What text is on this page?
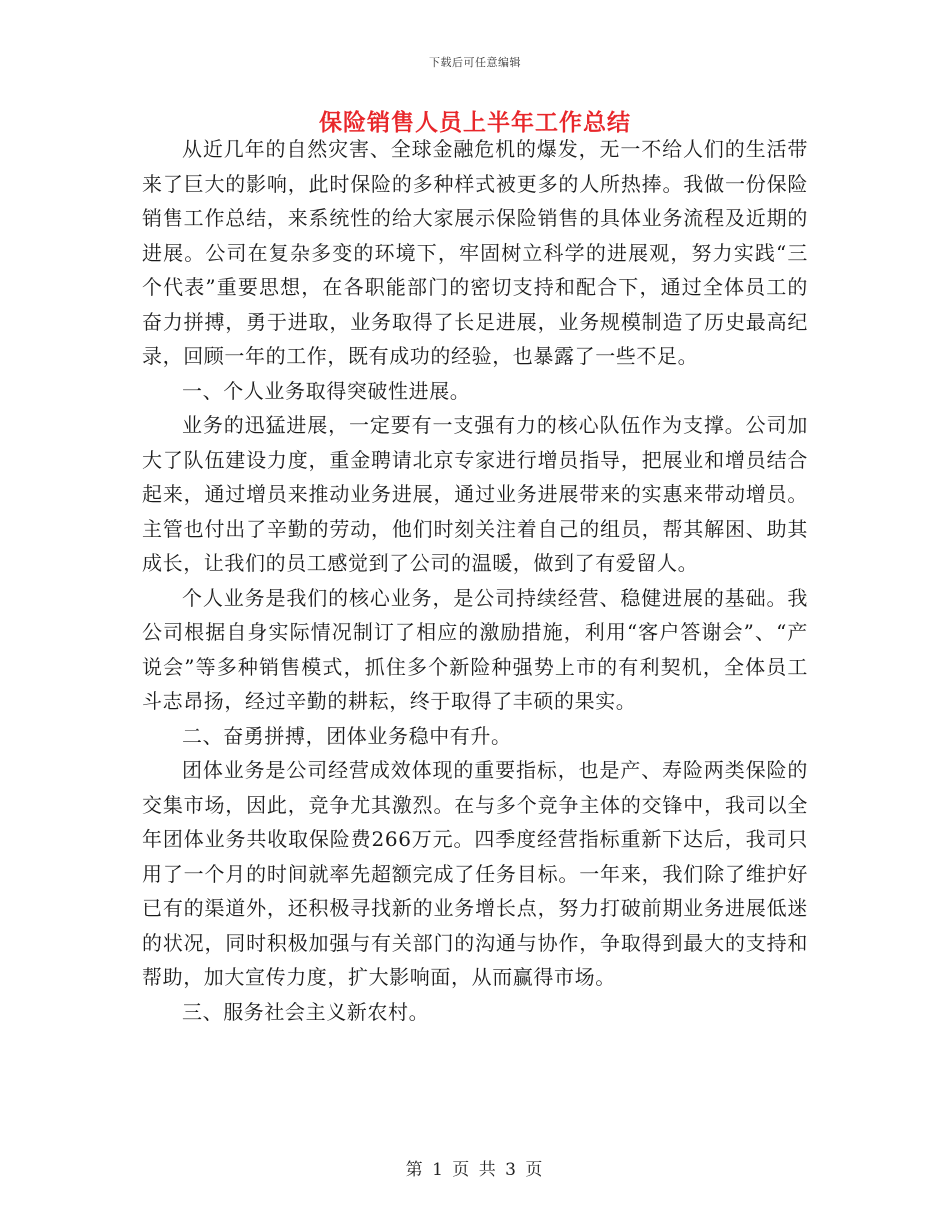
下载后可任意编辑
保险销售人员上半年工作总结

从近几年的自然灾害、全球金融危机的爆发，无一不给人们的生活带来了巨大的影响，此时保险的多种样式被更多的人所热捧。我做一份保险销售工作总结，来系统性的给大家展示保险销售的具体业务流程及近期的进展。公司在复杂多变的环境下，牢固树立科学的进展观，努力实践“三个代表”重要思想，在各职能部门的密切支持和配合下，通过全体员工的奋力拼搏，勇于进取，业务取得了长足进展，业务规模制造了历史最高纪录，回顾一年的工作，既有成功的经验，也暴露了一些不足。

一、个人业务取得突破性进展。

业务的迅猛进展，一定要有一支强有力的核心队伍作为支撑。公司加大了队伍建设力度，重金聘请北京专家进行增员指导，把展业和增员结合起来，通过增员来推动业务进展，通过业务进展带来的实惠来带动增员。主管也付出了辛勤的劳动，他们时刻关注着自己的组员，帮其解困、助其成长，让我们的员工感觉到了公司的温暖，做到了有爱留人。

个人业务是我们的核心业务，是公司持续经营、稳健进展的基础。我公司根据自身实际情况制订了相应的激励措施，利用“客户答谢会”、“产说会”等多种销售模式，抓住多个新险种强势上市的有利契机，全体员工斗志昂扬，经过辛勤的耕耘，终于取得了丰硕的果实。

二、奋勇拼搏，团体业务稳中有升。

团体业务是公司经营成效体现的重要指标，也是产、寿险两类保险的交集市场，因此，竞争尤其激烈。在与多个竞争主体的交锋中，我司以全年团体业务共收取保险费266万元。四季度经营指标重新下达后，我司只用了一个月的时间就率先超额完成了任务目标。一年来，我们除了维护好已有的渠道外，还积极寻找新的业务增长点，努力打破前期业务进展低迷的状况，同时积极加强与有关部门的沟通与协作，争取得到最大的支持和帮助，加大宣传力度，扩大影响面，从而赢得市场。

三、服务社会主义新农村。

第 1 页 共 3 页
